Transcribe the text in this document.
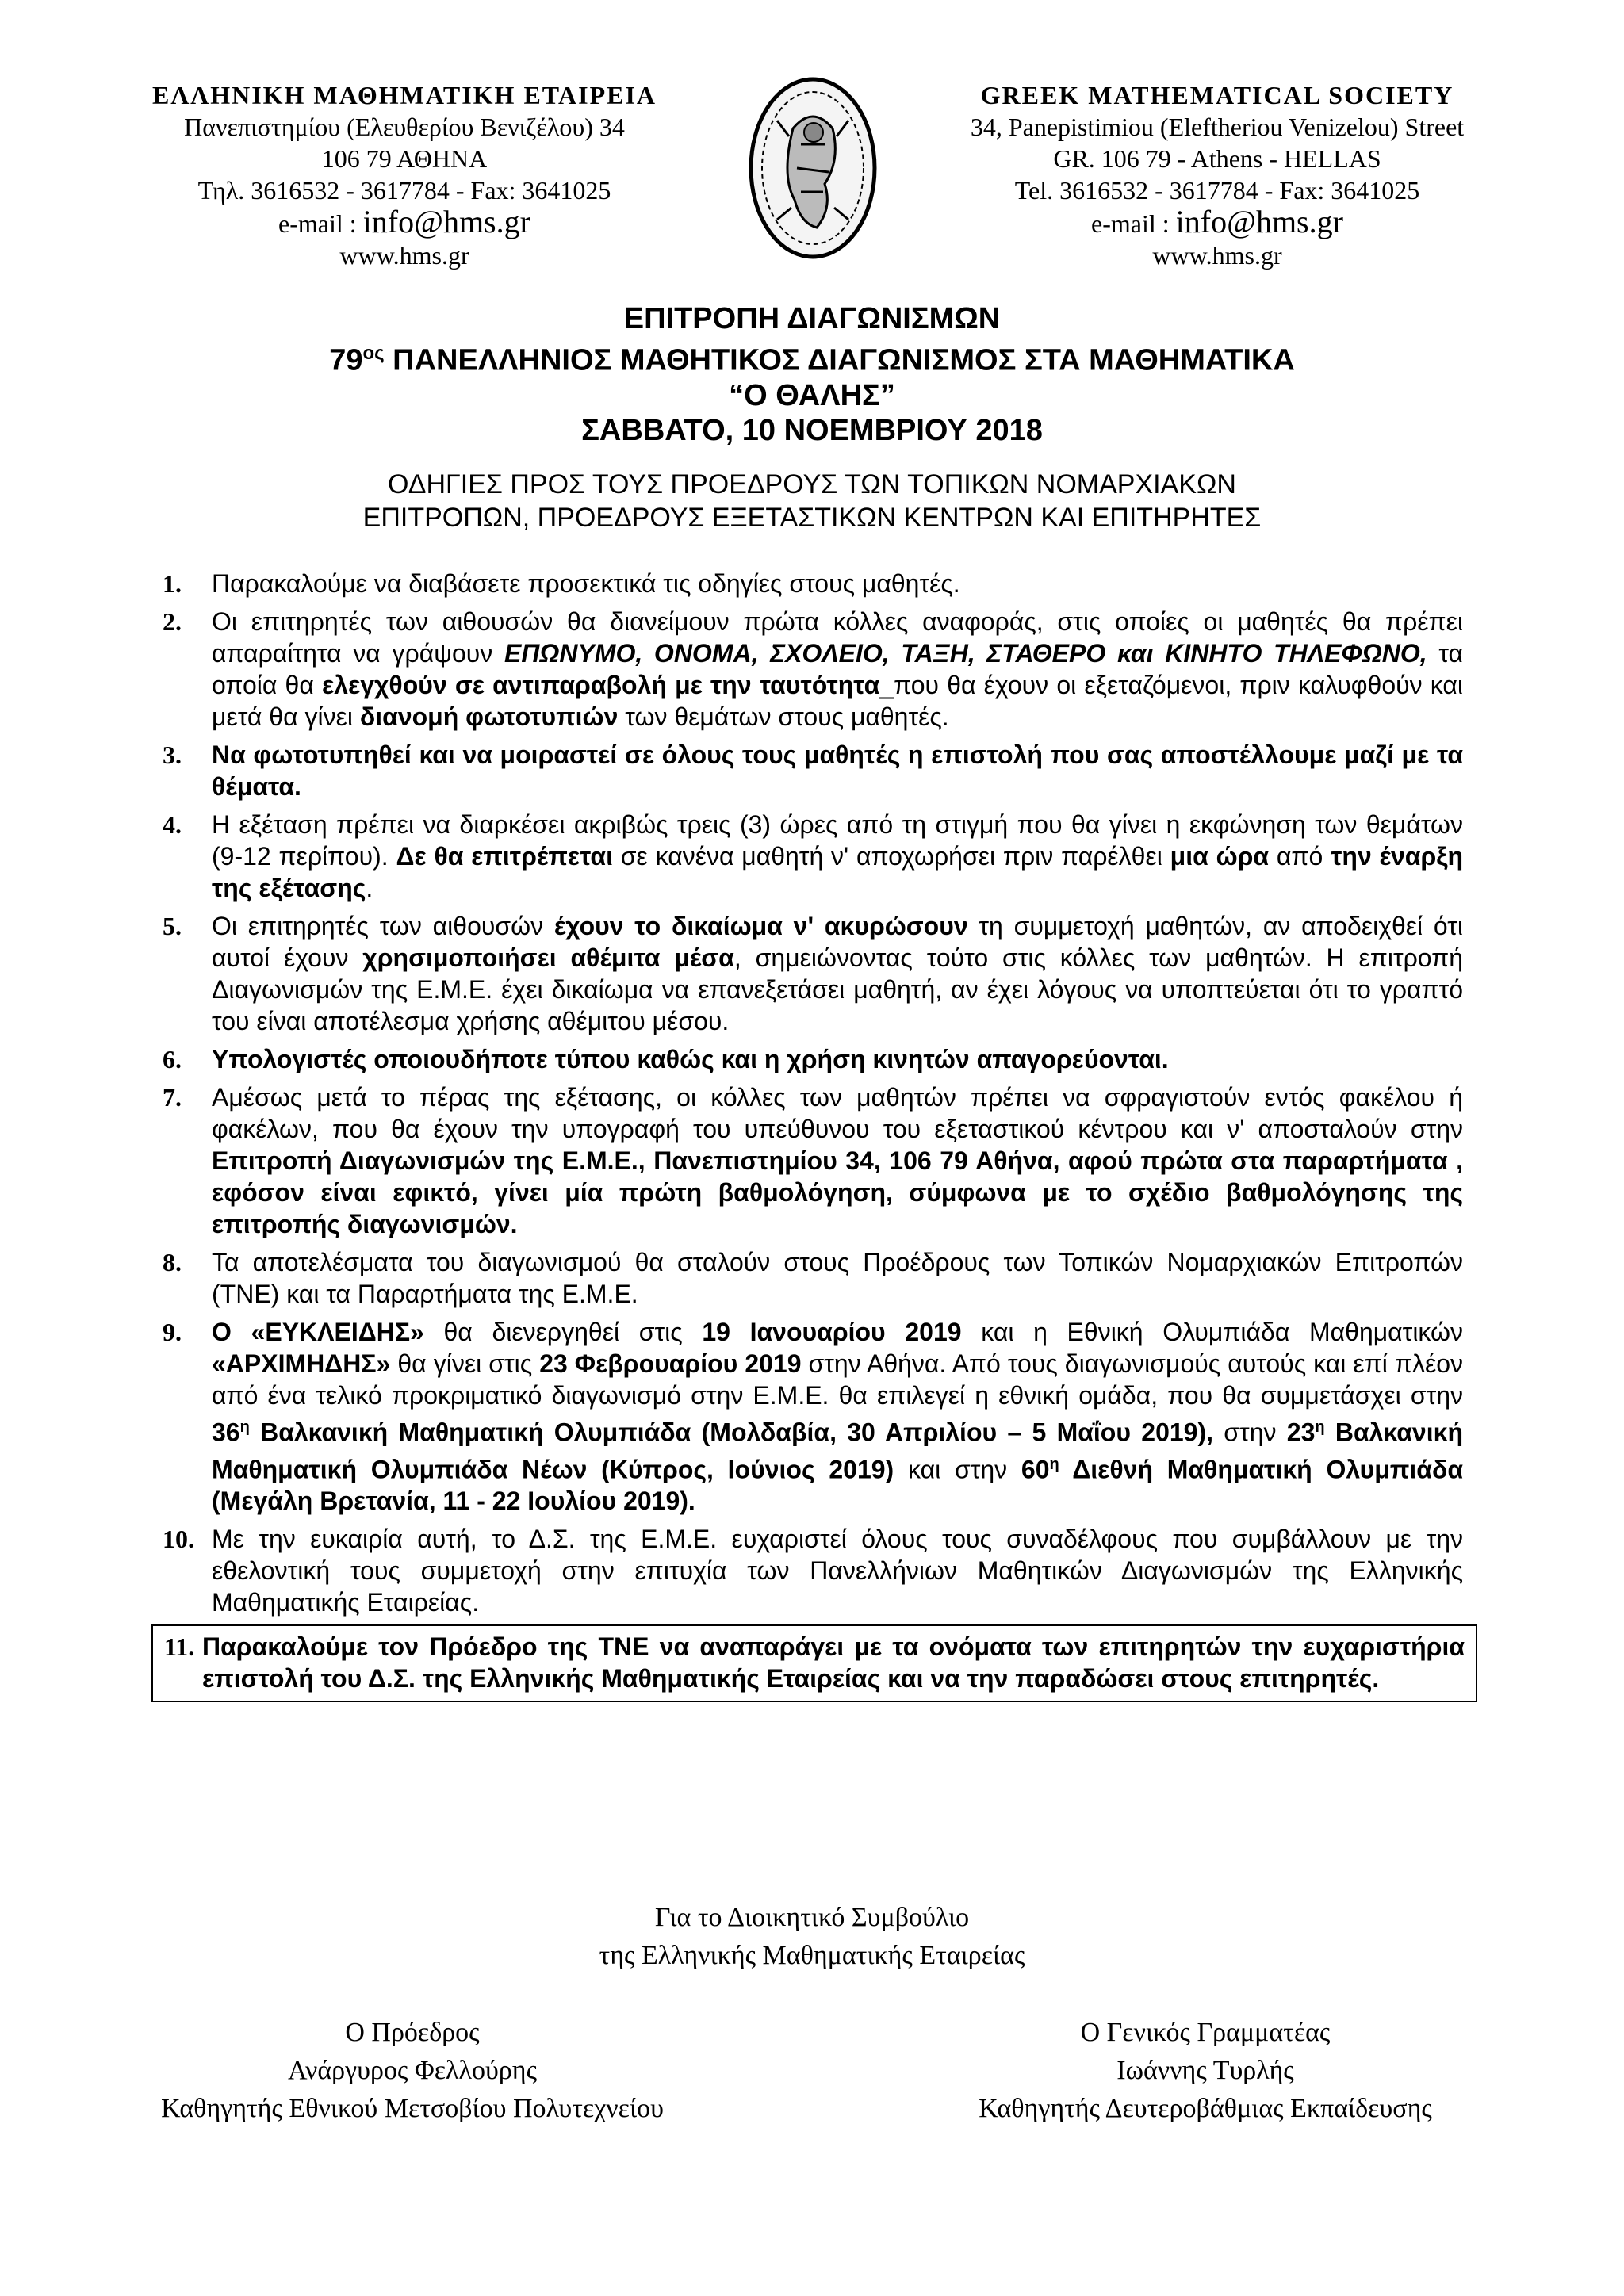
ΕΛΛΗΝΙΚΗ ΜΑΘΗΜΑΤΙΚΗ ΕΤΑΙΡΕΙΑ
Πανεπιστημίου (Ελευθερίου Βενιζέλου) 34
106 79 ΑΘΗΝΑ
Τηλ. 3616532 - 3617784 - Fax: 3641025
e-mail : info@hms.gr
www.hms.gr
GREEK MATHEMATICAL SOCIETY
34, Panepistimiou (Eleftheriou Venizelou) Street
GR. 106 79 - Athens - HELLAS
Tel. 3616532 - 3617784 - Fax: 3641025
e-mail : info@hms.gr
www.hms.gr
ΕΠΙΤΡΟΠΗ ΔΙΑΓΩΝΙΣΜΩΝ
$79^{o\varsigma}$ ΠΑΝΕΛΛΗΝΙΟΣ ΜΑΘΗΤΙΚΟΣ ΔΙΑΓΩΝΙΣΜΟΣ ΣΤΑ ΜΑΘΗΜΑΤΙΚΑ
“Ο ΘΑΛΗΣ”
ΣΑΒΒΑΤΟ, 10 ΝΟΕΜΒΡΙΟΥ 2018
ΟΔΗΓΙΕΣ ΠΡΟΣ ΤΟΥΣ ΠΡΟΕΔΡΟΥΣ ΤΩΝ ΤΟΠΙΚΩΝ ΝΟΜΑΡΧΙΑΚΩΝ
ΕΠΙΤΡΟΠΩΝ, ΠΡΟΕΔΡΟΥΣ ΕΞΕΤΑΣΤΙΚΩΝ ΚΕΝΤΡΩΝ ΚΑΙ ΕΠΙΤΗΡΗΤΕΣ
1. Παρακαλούμε να διαβάσετε προσεκτικά τις οδηγίες στους μαθητές.
2. Οι επιτηρητές των αιθουσών θα διανείμουν πρώτα κόλλες αναφοράς, στις οποίες οι μαθητές θα πρέπει απαραίτητα να γράψουν ΕΠΩΝΥΜΟ, ΟΝΟΜΑ, ΣΧΟΛΕΙΟ, ΤΑΞΗ, ΣΤΑΘΕΡΟ και ΚΙΝΗΤΟ ΤΗΛΕΦΩΝΟ, τα οποία θα ελεγχθούν σε αντιπαραβολή με την ταυτότητα_που θα έχουν οι εξεταζόμενοι, πριν καλυφθούν και μετά θα γίνει διανομή φωτοτυπιών των θεμάτων στους μαθητές.
3. Να φωτοτυπηθεί και να μοιραστεί σε όλους τους μαθητές η επιστολή που σας αποστέλλουμε μαζί με τα θέματα.
4. Η εξέταση πρέπει να διαρκέσει ακριβώς τρεις (3) ώρες από τη στιγμή που θα γίνει η εκφώνηση των θεμάτων (9-12 περίπου). Δε θα επιτρέπεται σε κανένα μαθητή ν' αποχωρήσει πριν παρέλθει μια ώρα από την έναρξη της εξέτασης.
5. Οι επιτηρητές των αιθουσών έχουν το δικαίωμα ν' ακυρώσουν τη συμμετοχή μαθητών, αν αποδειχθεί ότι αυτοί έχουν χρησιμοποιήσει αθέμιτα μέσα, σημειώνοντας τούτο στις κόλλες των μαθητών. Η επιτροπή Διαγωνισμών της Ε.Μ.Ε. έχει δικαίωμα να επανεξετάσει μαθητή, αν έχει λόγους να υποπτεύεται ότι το γραπτό του είναι αποτέλεσμα χρήσης αθέμιτου μέσου.
6. Υπολογιστές οποιουδήποτε τύπου καθώς και η χρήση κινητών απαγορεύονται.
7. Αμέσως μετά το πέρας της εξέτασης, οι κόλλες των μαθητών πρέπει να σφραγιστούν εντός φακέλου ή φακέλων, που θα έχουν την υπογραφή του υπεύθυνου του εξεταστικού κέντρου και ν' αποσταλούν στην Επιτροπή Διαγωνισμών της Ε.Μ.Ε., Πανεπιστημίου 34, 106 79 Αθήνα, αφού πρώτα στα παραρτήματα , εφόσον είναι εφικτό, γίνει μία πρώτη βαθμολόγηση, σύμφωνα με το σχέδιο βαθμολόγησης της επιτροπής διαγωνισμών.
8. Τα αποτελέσματα του διαγωνισμού θα σταλούν στους Προέδρους των Τοπικών Νομαρχιακών Επιτροπών (ΤΝΕ) και τα Παραρτήματα της Ε.Μ.Ε.
9. Ο «ΕΥΚΛΕΙΔΗΣ» θα διενεργηθεί στις 19 Ιανουαρίου 2019 και η Εθνική Ολυμπιάδα Μαθηματικών «ΑΡΧΙΜΗΔΗΣ» θα γίνει στις 23 Φεβρουαρίου 2019 στην Αθήνα. Από τους διαγωνισμούς αυτούς και επί πλέον από ένα τελικό προκριματικό διαγωνισμό στην Ε.Μ.Ε. θα επιλεγεί η εθνική ομάδα, που θα συμμετάσχει στην $36^\eta$ Βαλκανική Μαθηματική Ολυμπιάδα (Μολδαβία, 30 Απριλίου – 5 Μαΐου 2019), στην $23^\eta$ Βαλκανική Μαθηματική Ολυμπιάδα Νέων (Κύπρος, Ιούνιος 2019) και στην $60^\eta$ Διεθνή Μαθηματική Ολυμπιάδα (Μεγάλη Βρετανία, 11 - 22 Ιουλίου 2019).
10. Με την ευκαιρία αυτή, το Δ.Σ. της Ε.Μ.Ε. ευχαριστεί όλους τους συναδέλφους που συμβάλλουν με την εθελοντική τους συμμετοχή στην επιτυχία των Πανελλήνιων Μαθητικών Διαγωνισμών της Ελληνικής Μαθηματικής Εταιρείας.
11. Παρακαλούμε τον Πρόεδρο της ΤΝΕ να αναπαράγει με τα ονόματα των επιτηρητών την ευχαριστήρια επιστολή του Δ.Σ. της Ελληνικής Μαθηματικής Εταιρείας και να την παραδώσει στους επιτηρητές.
Για το Διοικητικό Συμβούλιο
της Ελληνικής Μαθηματικής Εταιρείας
Ο Πρόεδρος
Ανάργυρος Φελλούρης
Καθηγητής Εθνικού Μετσοβίου Πολυτεχνείου
Ο Γενικός Γραμματέας
Ιωάννης Τυρλής
Καθηγητής Δευτεροβάθμιας Εκπαίδευσης
